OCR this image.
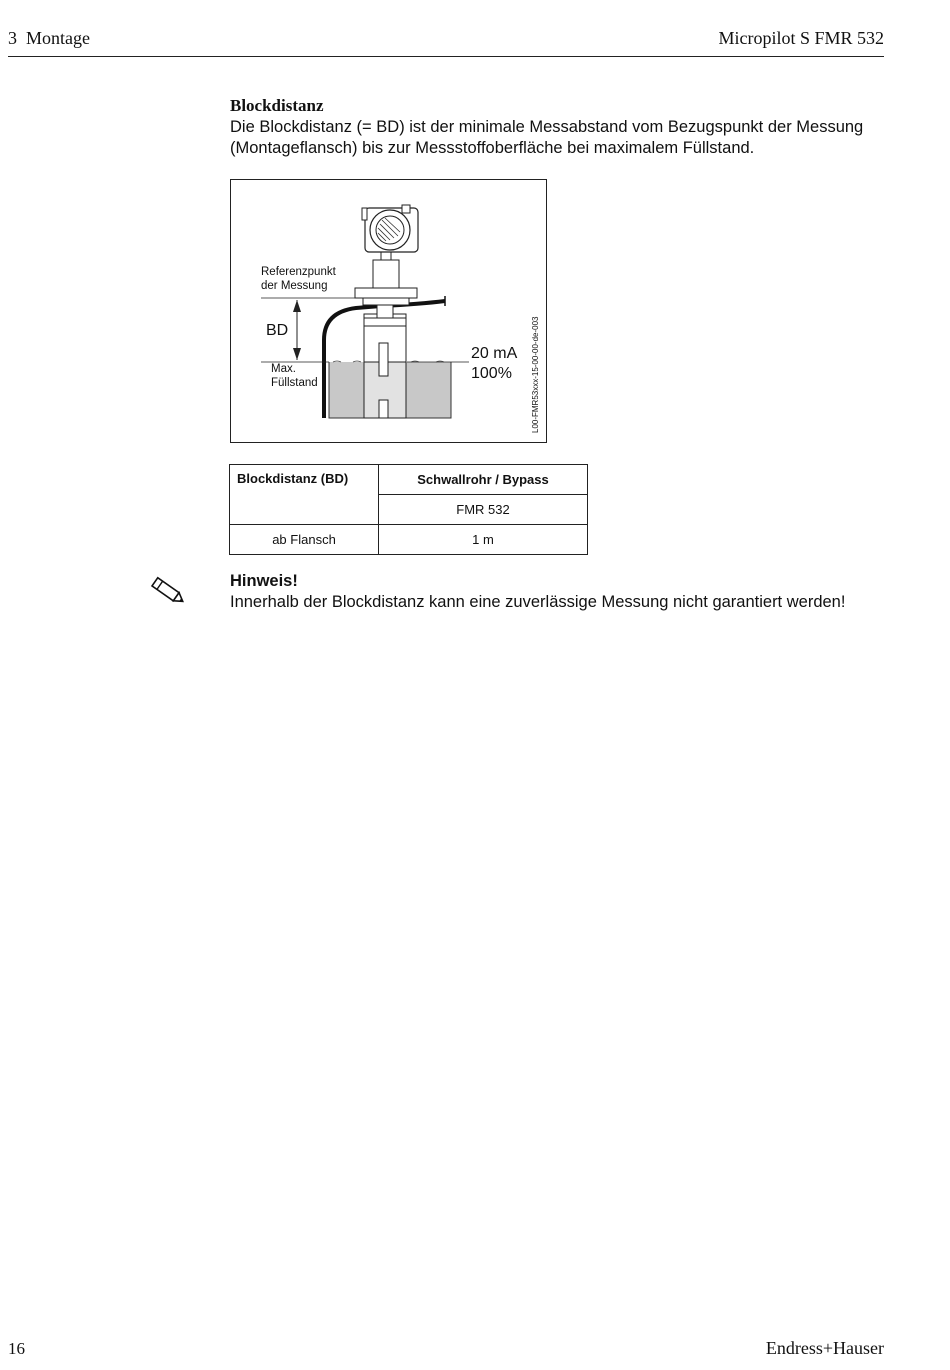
3  Montage	Micropilot S FMR 532
Blockdistanz
Die Blockdistanz (= BD) ist der minimale Messabstand vom Bezugspunkt der Messung (Montageflansch) bis zur Messstoffoberfläche bei maximalem Füllstand.
Referenzpunkt
der Messung
BD
Max.
Füllstand
20 mA
100% L00-FMR53xxx-15-00-00-de-003
Blockdistanz (BD)	Schwallrohr / Bypass
	FMR 532
ab Flansch	1 m
Hinweis!
Innerhalb der Blockdistanz kann eine zuverlässige Messung nicht garantiert werden!
16	Endress+Hauser
